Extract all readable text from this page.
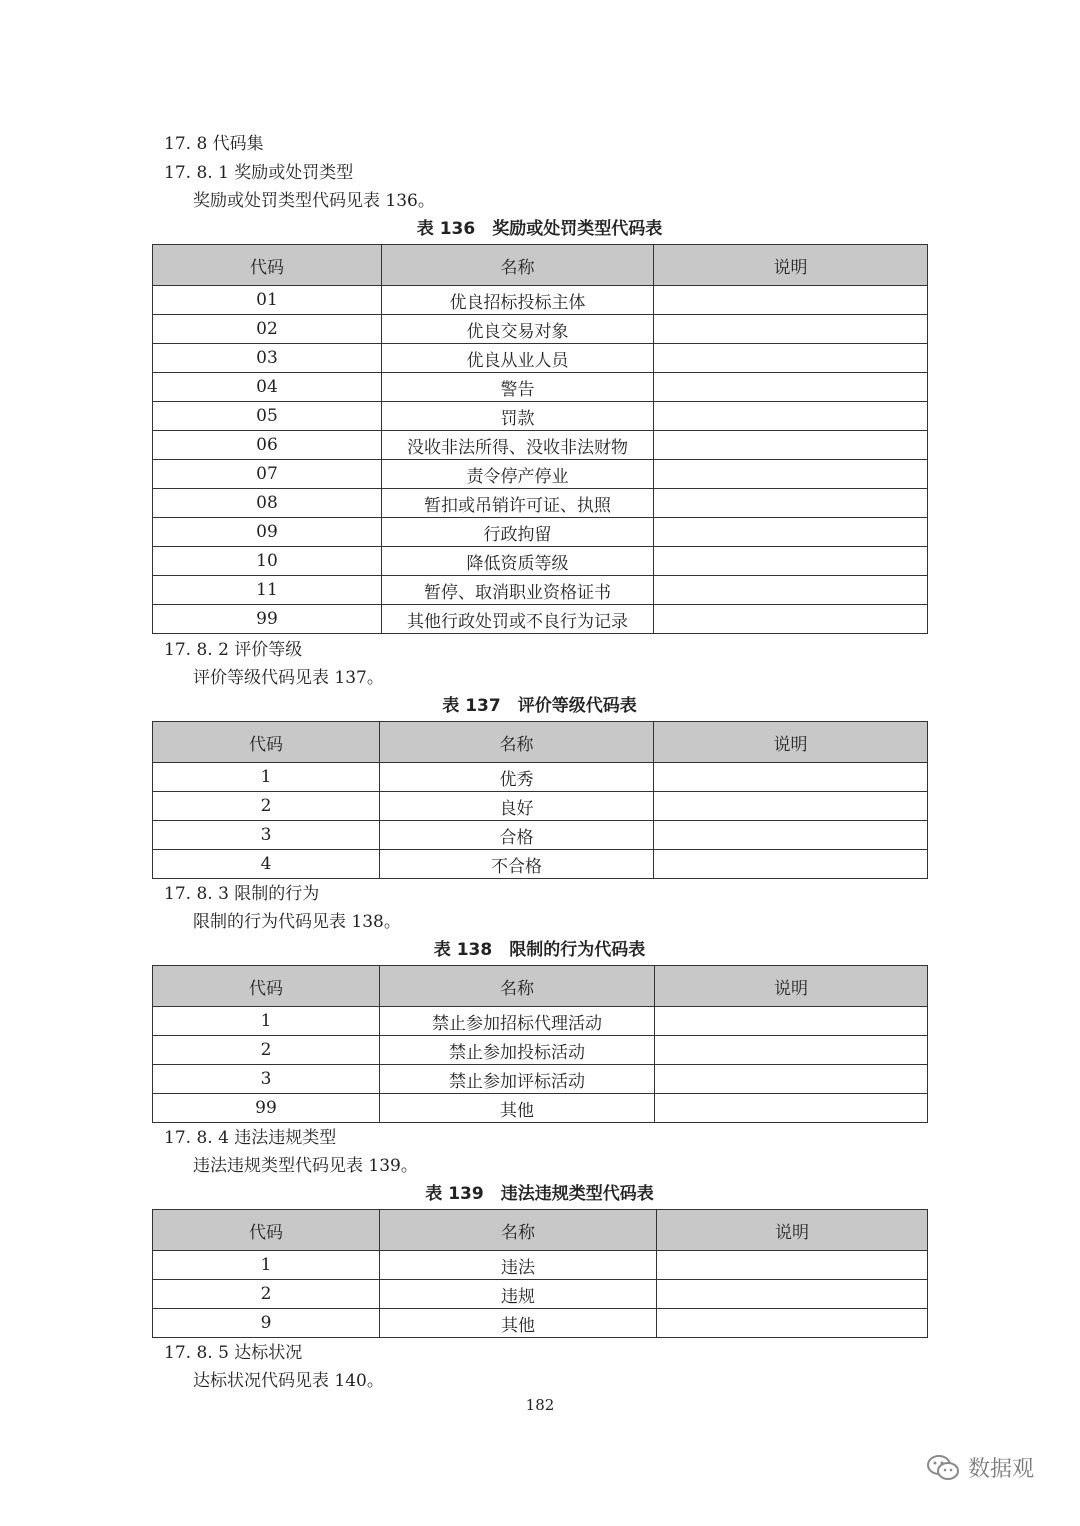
17. 8 代码集
17. 8. 1 奖励或处罚类型
奖励或处罚类型代码见表 136。
表 136　奖励或处罚类型代码表
代码	名称	说明
01	优良招标投标主体	
02	优良交易对象	
03	优良从业人员	
04	警告	
05	罚款	
06	没收非法所得、没收非法财物	
07	责令停产停业	
08	暂扣或吊销许可证、执照	
09	行政拘留	
10	降低资质等级	
11	暂停、取消职业资格证书	
99	其他行政处罚或不良行为记录	
17. 8. 2 评价等级
评价等级代码见表 137。
表 137　评价等级代码表
代码	名称	说明
1	优秀	
2	良好	
3	合格	
4	不合格	
17. 8. 3 限制的行为
限制的行为代码见表 138。
表 138　限制的行为代码表
代码	名称	说明
1	禁止参加招标代理活动	
2	禁止参加投标活动	
3	禁止参加评标活动	
99	其他	
17. 8. 4 违法违规类型
违法违规类型代码见表 139。
表 139　违法违规类型代码表
代码	名称	说明
1	违法	
2	违规	
9	其他	
17. 8. 5 达标状况
达标状况代码见表 140。
182
数据观
